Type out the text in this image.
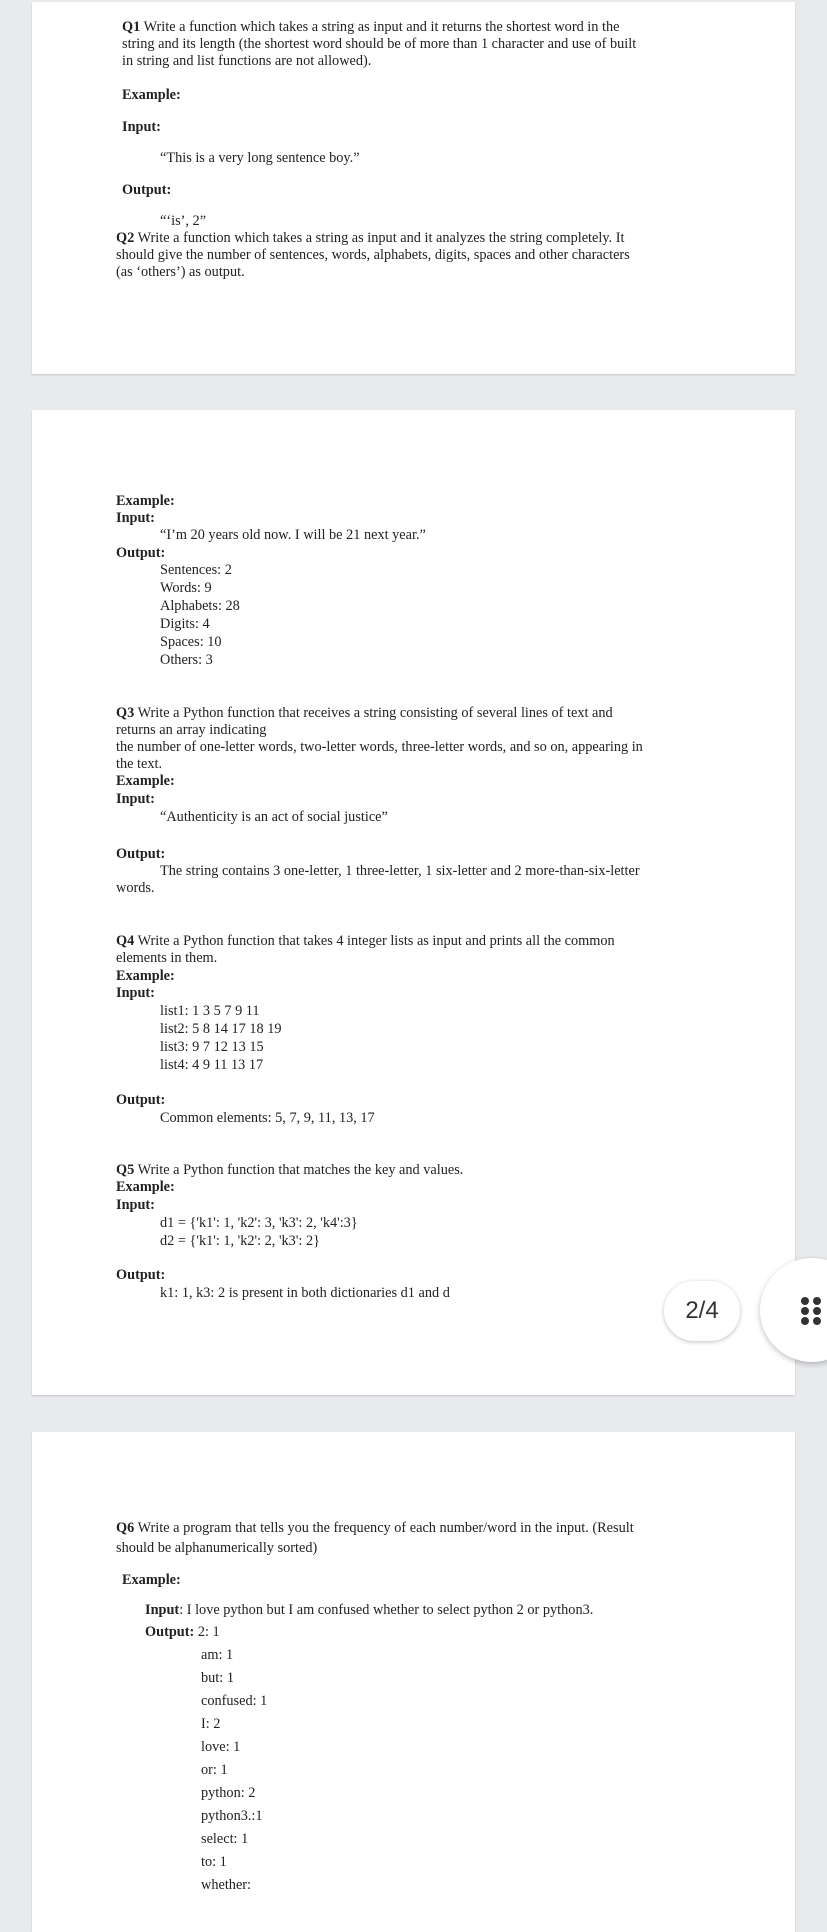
Q1 Write a function which takes a string as input and it returns the shortest word in the
string and its length (the shortest word should be of more than 1 character and use of built
in string and list functions are not allowed).
Example:
Input:
“This is a very long sentence boy.”
Output:
“‘is’, 2”
Q2 Write a function which takes a string as input and it analyzes the string completely. It
should give the number of sentences, words, alphabets, digits, spaces and other characters
(as ‘others’) as output.
Example:
Input:
“I’m 20 years old now. I will be 21 next year.”
Output:
Sentences: 2
Words: 9
Alphabets: 28
Digits: 4
Spaces: 10
Others: 3
Q3 Write a Python function that receives a string consisting of several lines of text and
returns an array indicating
the number of one-letter words, two-letter words, three-letter words, and so on, appearing in
the text.
Example:
Input:
“Authenticity is an act of social justice”
Output:
The string contains 3 one-letter, 1 three-letter, 1 six-letter and 2 more-than-six-letter
words.
Q4 Write a Python function that takes 4 integer lists as input and prints all the common
elements in them.
Example:
Input:
list1: 1 3 5 7 9 11
list2: 5 8 14 17 18 19
list3: 9 7 12 13 15
list4: 4 9 11 13 17
Output:
Common elements: 5, 7, 9, 11, 13, 17
Q5 Write a Python function that matches the key and values.
Example:
Input:
d1 = {'k1': 1, 'k2': 3, 'k3': 2, 'k4':3}
d2 = {'k1': 1, 'k2': 2, 'k3': 2}
Output:
k1: 1, k3: 2 is present in both dictionaries d1 and d
Q6 Write a program that tells you the frequency of each number/word in the input. (Result
should be alphanumerically sorted)
Example:
Input: I love python but I am confused whether to select python 2 or python3.
Output: 2: 1
am: 1
but: 1
confused: 1
I: 2
love: 1
or: 1
python: 2
python3.:1
select: 1
to: 1
whether:
2/4
